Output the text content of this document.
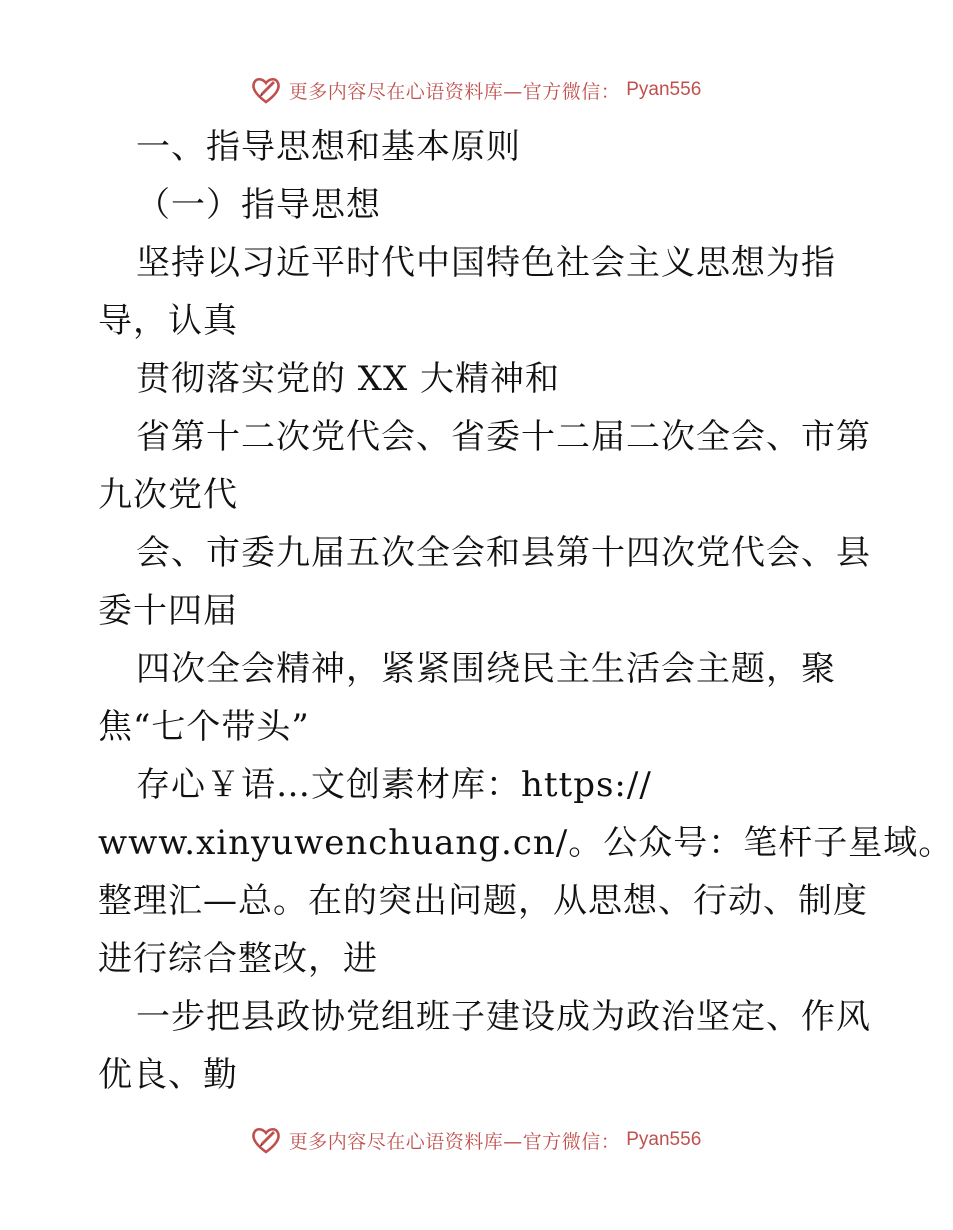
更多内容尽在心语资料库—官方微信： Pyan556
一、指导思想和基本原则
（一）指导思想
坚持以习近平时代中国特色社会主义思想为指
导，认真
贯彻落实党的 XX 大精神和
省第十二次党代会、省委十二届二次全会、市第
九次党代
会、市委九届五次全会和县第十四次党代会、县
委十四届
四次全会精神，紧紧围绕民主生活会主题，聚
焦“七个带头”
存心￥语…文创素材库：https://
www.xinyuwenchuang.cn/。公众号：笔杆子星域。
整理汇—总。在的突出问题，从思想、行动、制度
进行综合整改，进
一步把县政协党组班子建设成为政治坚定、作风
优良、勤
更多内容尽在心语资料库—官方微信： Pyan556
